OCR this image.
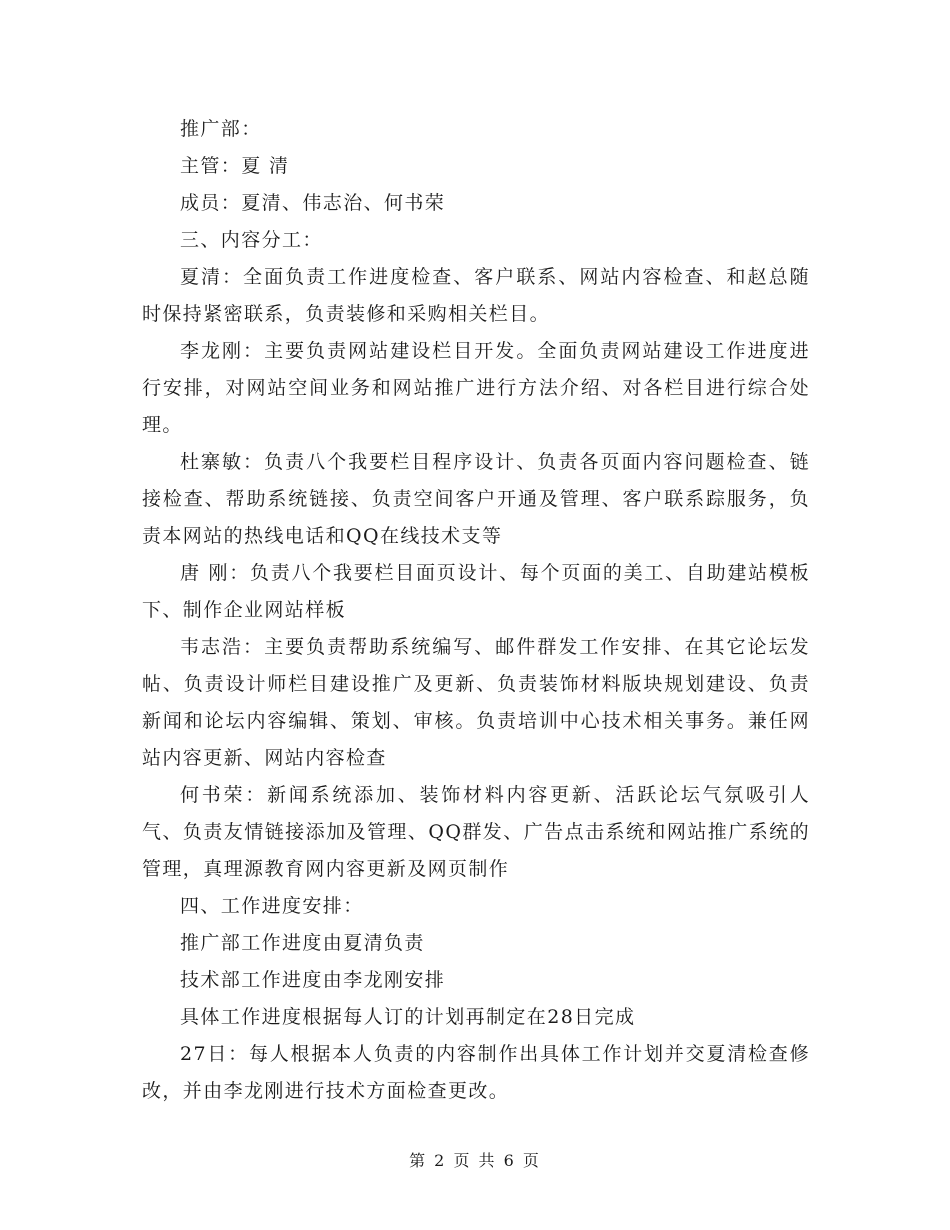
推广部：

主管：夏 清

成员：夏清、伟志治、何书荣

三、内容分工：

夏清：全面负责工作进度检查、客户联系、网站内容检查、和赵总随时保持紧密联系，负责装修和采购相关栏目。

李龙刚：主要负责网站建设栏目开发。全面负责网站建设工作进度进行安排，对网站空间业务和网站推广进行方法介绍、对各栏目进行综合处理。

杜寨敏：负责八个我要栏目程序设计、负责各页面内容问题检查、链接检查、帮助系统链接、负责空间客户开通及管理、客户联系踪服务，负责本网站的热线电话和QQ在线技术支等

唐 刚：负责八个我要栏目面页设计、每个页面的美工、自助建站模板下、制作企业网站样板

韦志浩：主要负责帮助系统编写、邮件群发工作安排、在其它论坛发帖、负责设计师栏目建设推广及更新、负责装饰材料版块规划建设、负责新闻和论坛内容编辑、策划、审核。负责培训中心技术相关事务。兼任网站内容更新、网站内容检查

何书荣：新闻系统添加、装饰材料内容更新、活跃论坛气氛吸引人气、负责友情链接添加及管理、QQ群发、广告点击系统和网站推广系统的管理，真理源教育网内容更新及网页制作

四、工作进度安排：

推广部工作进度由夏清负责

技术部工作进度由李龙刚安排

具体工作进度根据每人订的计划再制定在28日完成

27日：每人根据本人负责的内容制作出具体工作计划并交夏清检查修改，并由李龙刚进行技术方面检查更改。

第 2 页 共 6 页
